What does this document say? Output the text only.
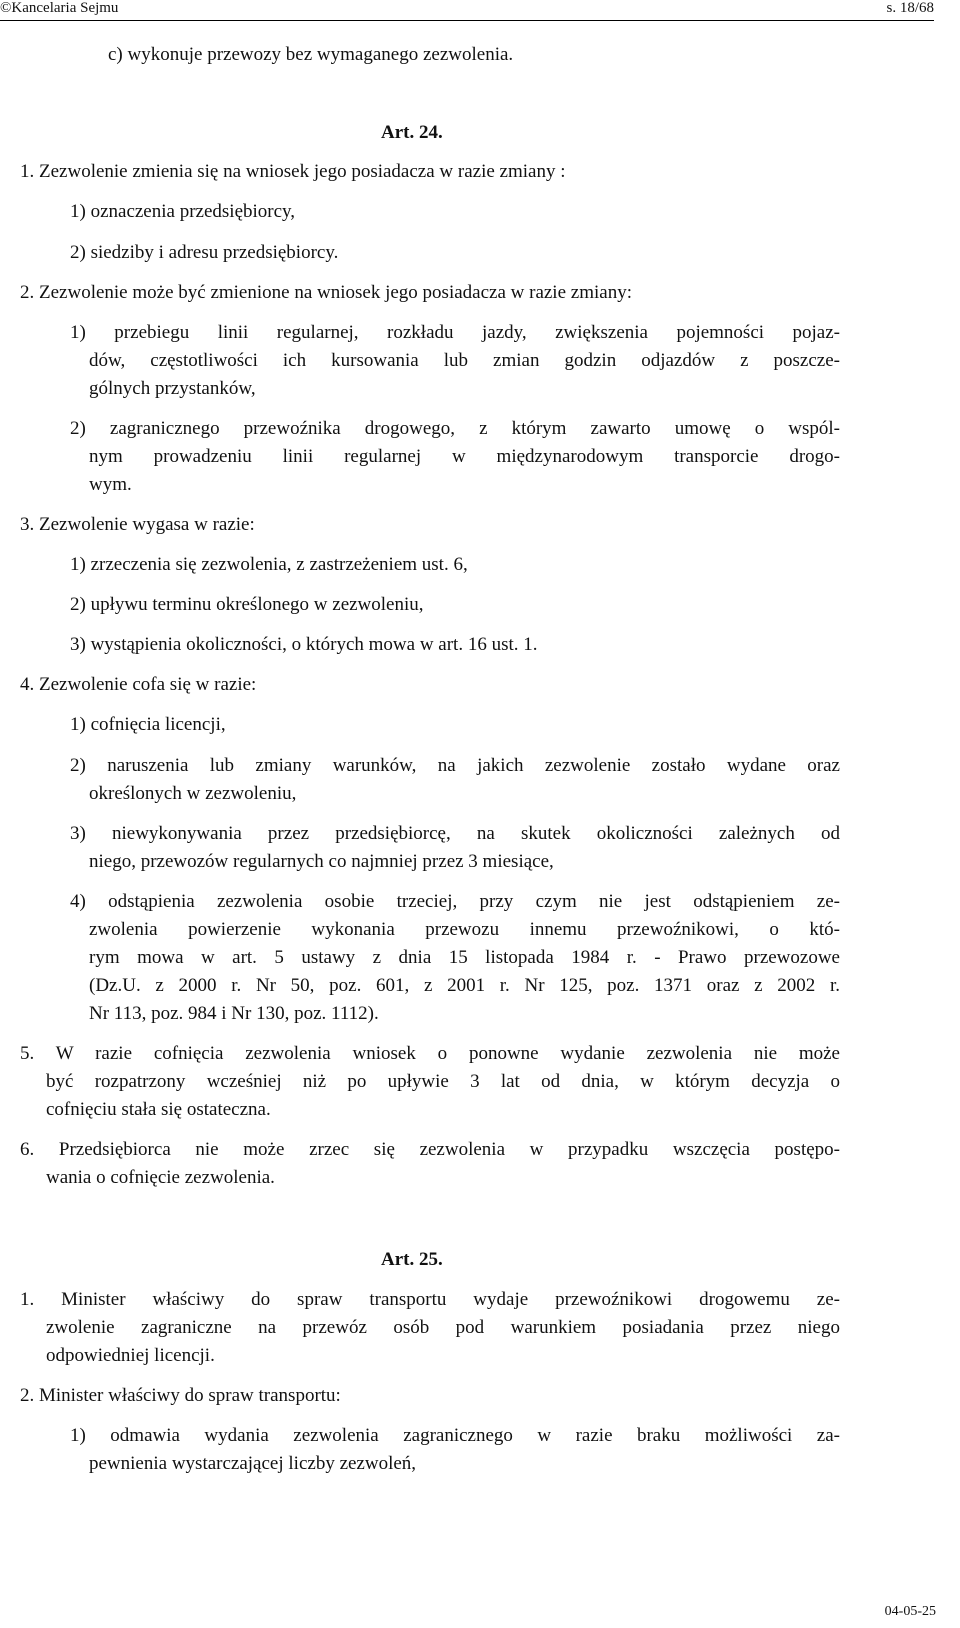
©Kancelaria Sejmu	s. 18/68
c) wykonuje przewozy bez wymaganego zezwolenia.
Art. 24.
1. Zezwolenie zmienia się na wniosek jego posiadacza w razie zmiany :
1) oznaczenia przedsiębiorcy,
2) siedziby i adresu przedsiębiorcy.
2. Zezwolenie może być zmienione na wniosek jego posiadacza w razie zmiany:
1) przebiegu linii regularnej, rozkładu jazdy, zwiększenia pojemności pojaz-
dów, częstotliwości ich kursowania lub zmian godzin odjazdów z poszcze-
gólnych przystanków,
2) zagranicznego przewoźnika drogowego, z którym zawarto umowę o wspól-
nym prowadzeniu linii regularnej w międzynarodowym transporcie drogo-
wym.
3. Zezwolenie wygasa w razie:
1) zrzeczenia się zezwolenia, z zastrzeżeniem ust. 6,
2) upływu terminu określonego w zezwoleniu,
3) wystąpienia okoliczności, o których mowa w art. 16 ust. 1.
4. Zezwolenie cofa się w razie:
1) cofnięcia licencji,
2) naruszenia lub zmiany warunków, na jakich zezwolenie zostało wydane oraz
określonych w zezwoleniu,
3) niewykonywania przez przedsiębiorcę, na skutek okoliczności zależnych od
niego, przewozów regularnych co najmniej przez 3 miesiące,
4) odstąpienia zezwolenia osobie trzeciej, przy czym nie jest odstąpieniem ze-
zwolenia powierzenie wykonania przewozu innemu przewoźnikowi, o któ-
rym mowa w art. 5 ustawy z dnia 15 listopada 1984 r. - Prawo przewozowe
(Dz.U. z 2000 r. Nr 50, poz. 601, z 2001 r. Nr 125, poz. 1371 oraz z 2002 r.
Nr 113, poz. 984 i Nr 130, poz. 1112).
5. W razie cofnięcia zezwolenia wniosek o ponowne wydanie zezwolenia nie może
być rozpatrzony wcześniej niż po upływie 3 lat od dnia, w którym decyzja o
cofnięciu stała się ostateczna.
6. Przedsiębiorca nie może zrzec się zezwolenia w przypadku wszczęcia postępo-
wania o cofnięcie zezwolenia.
Art. 25.
1. Minister właściwy do spraw transportu wydaje przewoźnikowi drogowemu ze-
zwolenie zagraniczne na przewóz osób pod warunkiem posiadania przez niego
odpowiedniej licencji.
2. Minister właściwy do spraw transportu:
1) odmawia wydania zezwolenia zagranicznego w razie braku możliwości za-
pewnienia wystarczającej liczby zezwoleń,
04-05-25
